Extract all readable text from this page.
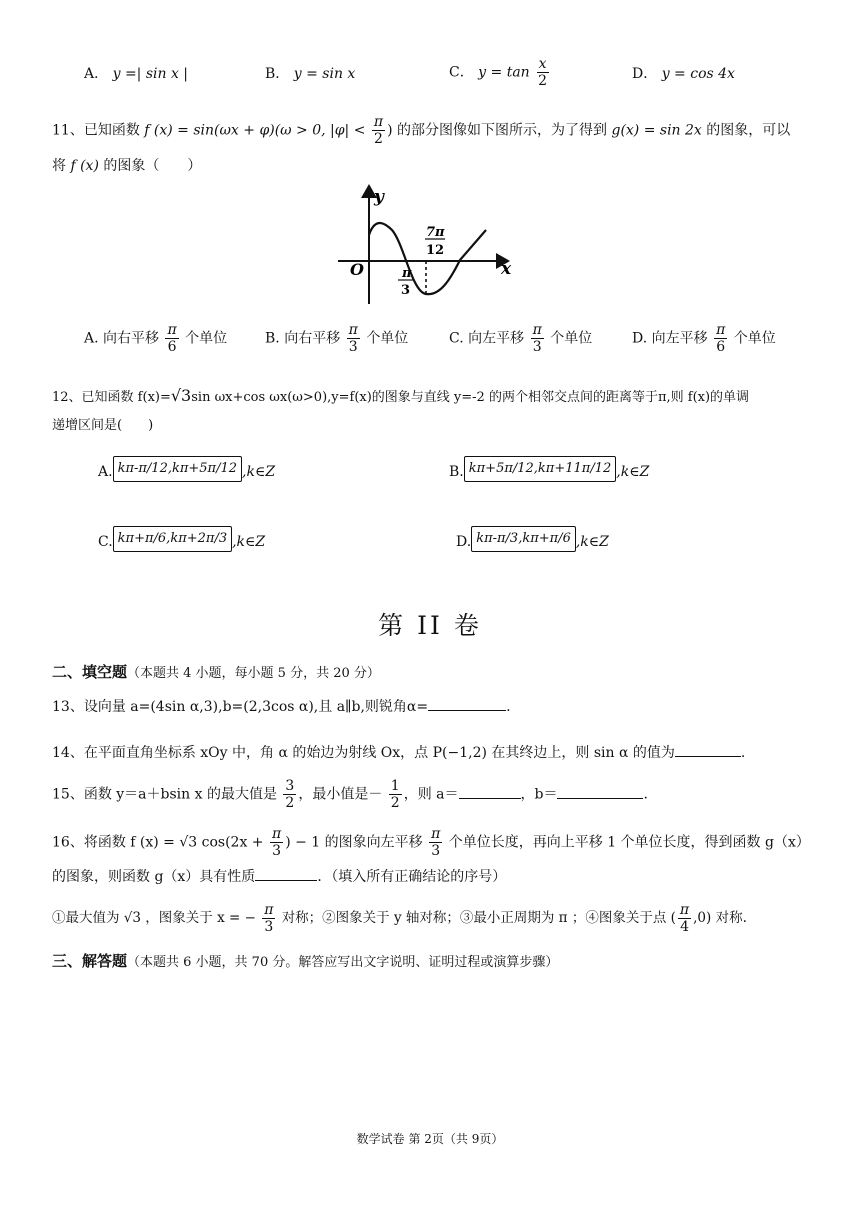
A． y =| sin x |	B． y = sin x	C． $y = \tan \frac{x}{2}$	D． y = cos 4x
11、已知函数 f (x) = sin(ωx + φ)(ω > 0, $|\varphi| < \frac{\pi}{2}$ ) 的部分图像如下图所示，为了得到 g(x) = sin 2x 的图象，可以
将 f (x) 的图象（　　）
y
x
O	π
3
7π
12
A. 向右平移 $\frac{\pi}{6}$ 个单位	B. 向右平移 $\frac{\pi}{3}$ 个单位	C. 向左平移 $\frac{\pi}{3}$ 个单位	D. 向左平移 $\frac{\pi}{6}$ 个单位
12、已知函数 f(x)=√3sin ωx+cos ωx(ω>0),y=f(x)的图象与直线 y=-2 的两个相邻交点间的距离等于π,则 f(x)的单调
递增区间是(　　)
A. kπ-π/12,kπ+5π/12 ,k∈Z	B. kπ+5π/12,kπ+11π/12 ,k∈Z
C. kπ+π/6,kπ+2π/3 ,k∈Z	D. kπ-π/3,kπ+π/6 ,k∈Z
第 II 卷
二、填空题（本题共 4 小题，每小题 5 分，共 20 分）
13、设向量 a=(4sin α,3),b=(2,3cos α),且 a∥b,则锐角α=	.
14、在平面直角坐标系 xOy 中，角 α 的始边为射线 Ox，点 P(−1,2) 在其终边上，则 sin α 的值为	.
15、函数 y＝a＋bsin x 的最大值是 $\frac{3}{2}$ ，最小值是－ $\frac{1}{2}$ ，则 a＝	，b＝	.
16、将函数 f (x) = √3 $\cos(2x + \frac{\pi}{3}$ ) − 1 的图象向左平移 $\frac{\pi}{3}$ 个单位长度，再向上平移 1 个单位长度，得到函数 g（x）
的图象，则函数 g（x）具有性质	．（填入所有正确结论的序号）
①最大值为 √3 ，图象关于 x = − $\frac{\pi}{3}$ 对称；②图象关于 y 轴对称；③最小正周期为 π ；④图象关于点 ( $\frac{\pi}{4} ,0$) 对称.
三、解答题（本题共 6 小题，共 70 分。解答应写出文字说明、证明过程或演算步骤）
数学试卷 第 2页（共 9页）
